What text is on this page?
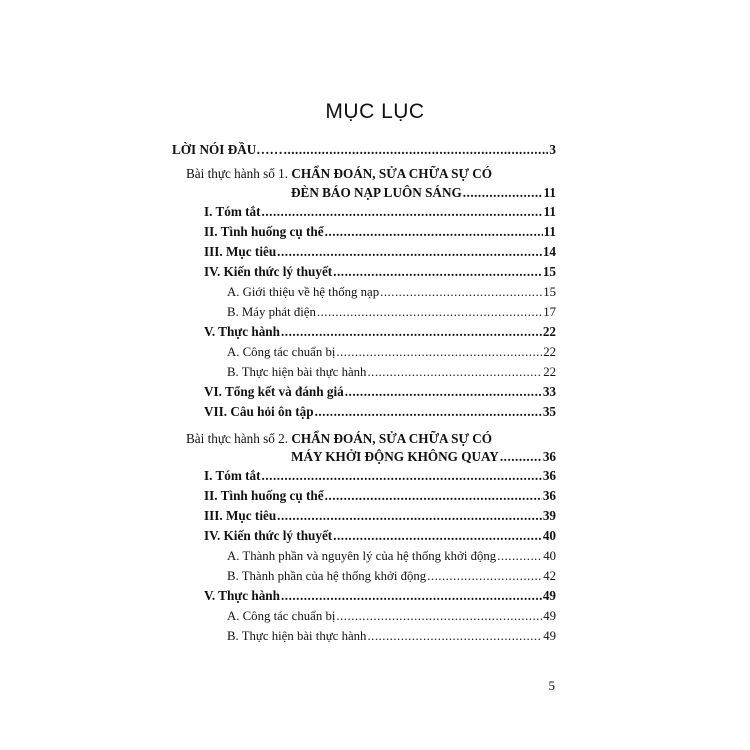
MỤC LỤC
LỜI NÓI ĐẦU…… .....	3
Bài thực hành số 1. CHẨN ĐOÁN, SỬA CHỮA SỰ CÓ
ĐÈN BÁO NẠP LUÔN SÁNG .....	11
I. Tóm tắt .....	11
II. Tình huống cụ thể .....	11
III. Mục tiêu .....	14
IV. Kiến thức lý thuyết .....	15
A. Giới thiệu về hệ thống nạp .....	15
B. Máy phát điện .....	17
V. Thực hành .....	22
A. Công tác chuẩn bị .....	22
B. Thực hiện bài thực hành .....	22
VI. Tổng kết và đánh giá .....	33
VII. Câu hỏi ôn tập .....	35
Bài thực hành số 2. CHẨN ĐOÁN, SỬA CHỮA SỰ CÓ
MÁY KHỞI ĐỘNG KHÔNG QUAY .....	36
I. Tóm tắt .....	36
II. Tình huống cụ thể .....	36
III. Mục tiêu .....	39
IV. Kiến thức lý thuyết .....	40
A. Thành phần và nguyên lý của hệ thống khởi động .....	40
B. Thành phần của hệ thống khởi động .....	42
V. Thực hành .....	49
A. Công tác chuẩn bị .....	49
B. Thực hiện bài thực hành .....	49
5
